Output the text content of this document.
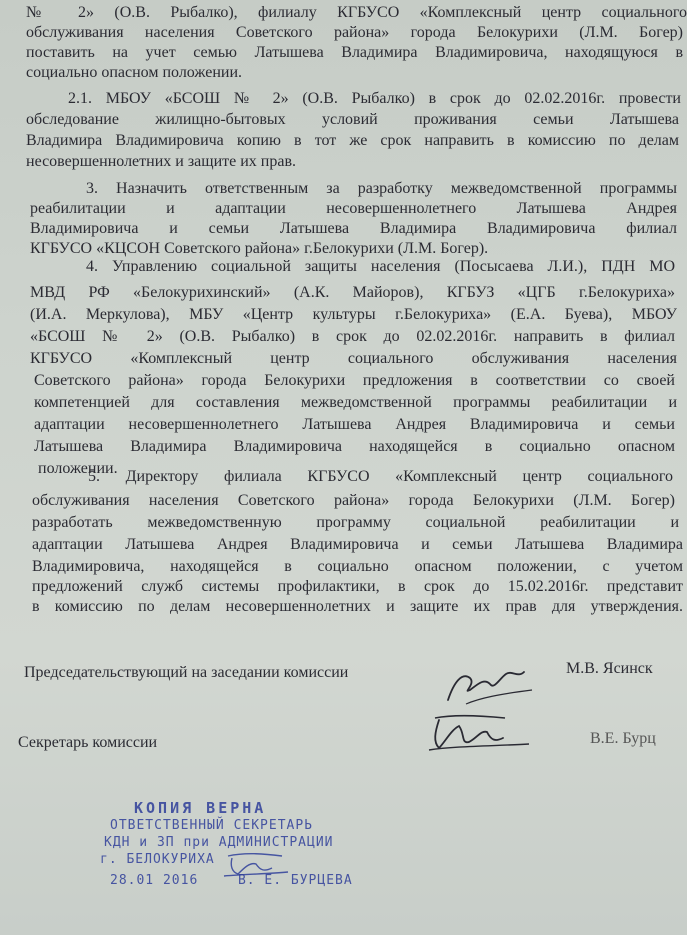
№ 2» (О.В. Рыбалко), филиалу КГБУСО «Комплексный центр социального

обслуживания населения Советского района» города Белокурихи (Л.М. Богер)

поставить на учет семью Латышева Владимира Владимировича, находящуюся в

социально опасном положении.

2.1. МБОУ «БСОШ № 2» (О.В. Рыбалко) в срок до 02.02.2016г. провести

обследование жилищно-бытовых условий проживания семьи Латышева

Владимира Владимировича копию в тот же срок направить в комиссию по делам

несовершеннолетних и защите их прав.

3. Назначить ответственным за разработку межведомственной программы

реабилитации и адаптации несовершеннолетнего Латышева Андрея

Владимировича и семьи Латышева Владимира Владимировича филиал

КГБУСО «КЦСОН Советского района» г.Белокурихи (Л.М. Богер).

4. Управлению социальной защиты населения (Посысаева Л.И.), ПДН МО

МВД РФ «Белокурихинский» (А.К. Майоров), КГБУЗ «ЦГБ г.Белокуриха»

(И.А. Меркулова), МБУ «Центр культуры г.Белокуриха» (Е.А. Буева), МБОУ

«БСОШ № 2» (О.В. Рыбалко) в срок до 02.02.2016г. направить в филиал

КГБУСО «Комплексный центр социального обслуживания населения

Советского района» города Белокурихи предложения в соответствии со своей

компетенцией для составления межведомственной программы реабилитации и

адаптации несовершеннолетнего Латышева Андрея Владимировича и семьи

Латышева Владимира Владимировича находящейся в социально опасном

положении.

5. Директору филиала КГБУСО «Комплексный центр социального

обслуживания населения Советского района» города Белокурихи (Л.М. Богер)

разработать межведомственную программу социальной реабилитации и

адаптации Латышева Андрея Владимировича и семьи Латышева Владимира

Владимировича, находящейся в социально опасном положении, с учетом

предложений служб системы профилактики, в срок до 15.02.2016г. представит

в комиссию по делам несовершеннолетних и защите их прав для утверждения.

Председательствующий на заседании комиссии	М.В. Ясинск
Секретарь комиссии	В.Е. Бурц
КОПИЯ ВЕРНА
ОТВЕТСТВЕННЫЙ СЕКРЕТАРЬ
КДН и ЗП при АДМИНИСТРАЦИИ
г. БЕЛОКУРИХА
28.01 2016	В. Е. БУРЦЕВА
